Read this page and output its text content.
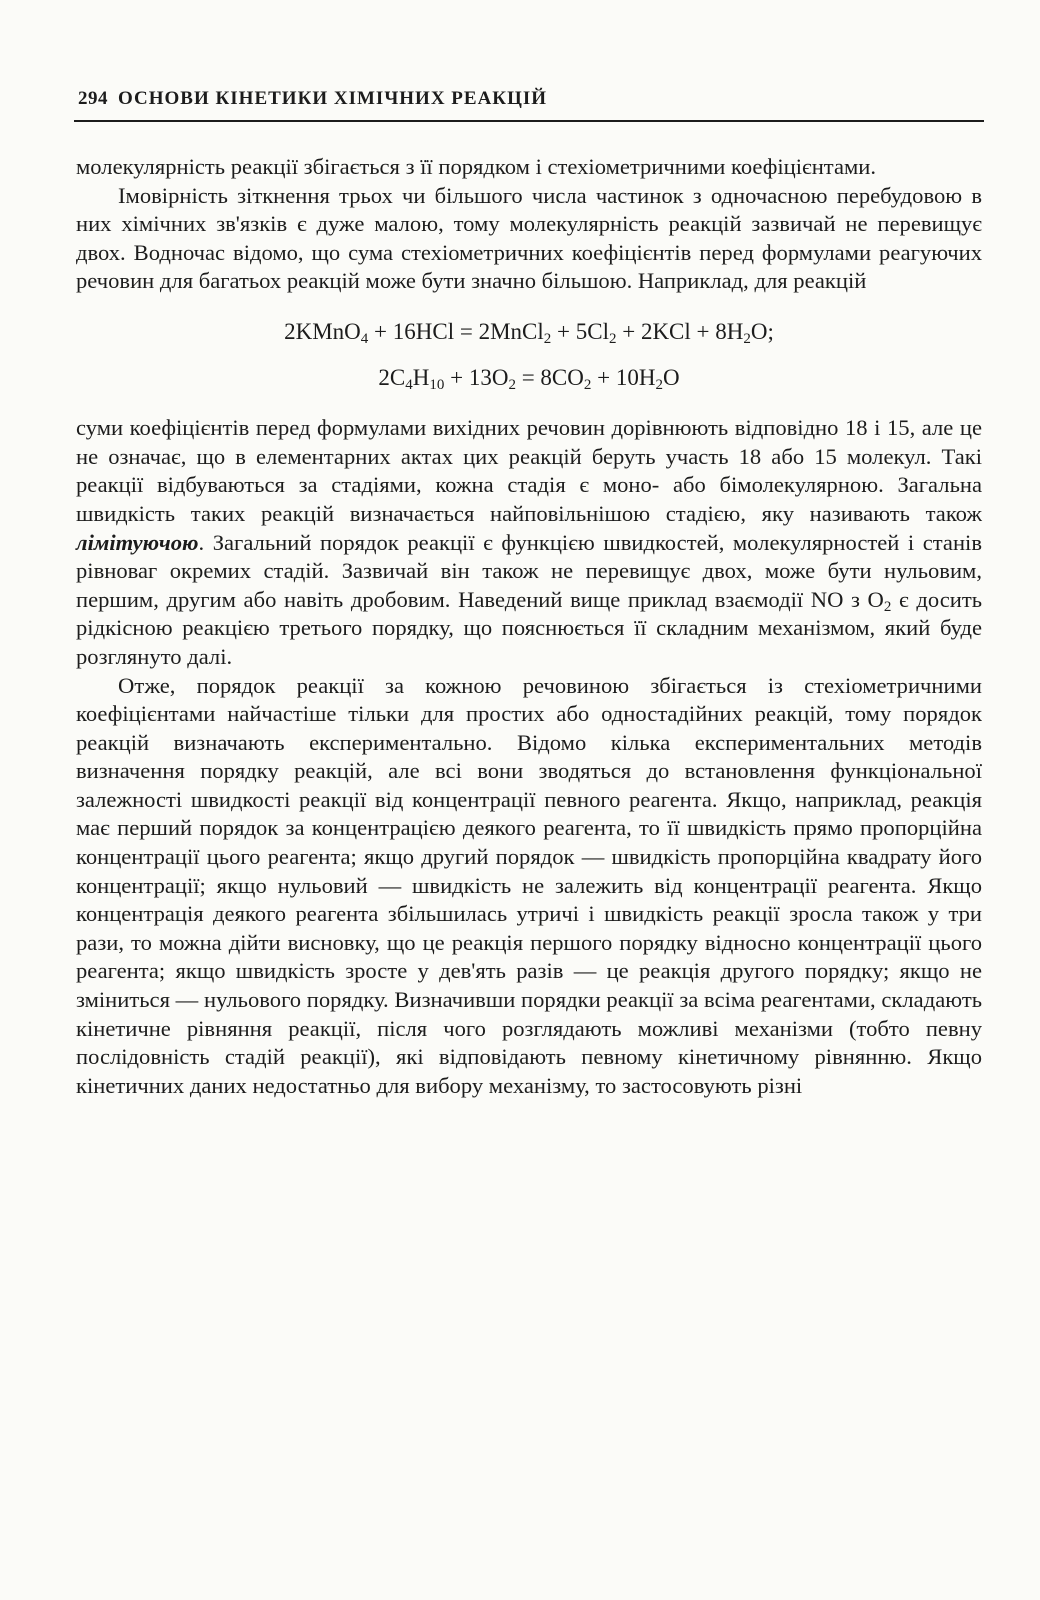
294 ОСНОВИ КІНЕТИКИ ХІМІЧНИХ РЕАКЦІЙ

молекулярність реакції збігається з її порядком і стехіометричними коефіцієнтами.

Імовірність зіткнення трьох чи більшого числа частинок з одночасною перебудовою в них хімічних зв'язків є дуже малою, тому молекулярність реакцій зазвичай не перевищує двох. Водночас відомо, що сума стехіометричних коефіцієнтів перед формулами реагуючих речовин для багатьох реакцій може бути значно більшою. Наприклад, для реакцій

2KMnO$_4$ + 16HCl = 2MnCl$_2$ + $5Cl_2 + 2KCl + 8H_2O$;
$2C_4H_{10} + 13O_2 = 8CO_2 + 10H_2O$

суми коефіцієнтів перед формулами вихідних речовин дорівнюють відповідно 18 і 15, але це не означає, що в елементарних актах цих реакцій беруть участь 18 або 15 молекул. Такі реакції відбуваються за стадіями, кожна стадія є моно- або бімолекулярною. Загальна швидкість таких реакцій визначається найповільнішою стадією, яку називають також лімітуючою. Загальний порядок реакції є функцією швидкостей, молекулярностей і станів рівноваг окремих стадій. Зазвичай він також не перевищує двох, може бути нульовим, першим, другим або навіть дробовим. Наведений вище приклад взаємодії NO з $O_2$ є досить рідкісною реакцією третього порядку, що пояснюється її складним механізмом, який буде розглянуто далі.

Отже, порядок реакції за кожною речовиною збігається із стехіометричними коефіцієнтами найчастіше тільки для простих або одностадійних реакцій, тому порядок реакцій визначають експериментально. Відомо кілька експериментальних методів визначення порядку реакцій, але всі вони зводяться до встановлення функціональної залежності швидкості реакції від концентрації певного реагента. Якщо, наприклад, реакція має перший порядок за концентрацією деякого реагента, то її швидкість прямо пропорційна концентрації цього реагента; якщо другий порядок — швидкість пропорційна квадрату його концентрації; якщо нульовий — швидкість не залежить від концентрації реагента. Якщо концентрація деякого реагента збільшилась утричі і швидкість реакції зросла також у три рази, то можна дійти висновку, що це реакція першого порядку відносно концентрації цього реагента; якщо швидкість зросте у дев'ять разів — це реакція другого порядку; якщо не зміниться — нульового порядку. Визначивши порядки реакції за всіма реагентами, складають кінетичне рівняння реакції, після чого розглядають можливі механізми (тобто певну послідовність стадій реакції), які відповідають певному кінетичному рівнянню. Якщо кінетичних даних недостатньо для вибору механізму, то застосовують різні
